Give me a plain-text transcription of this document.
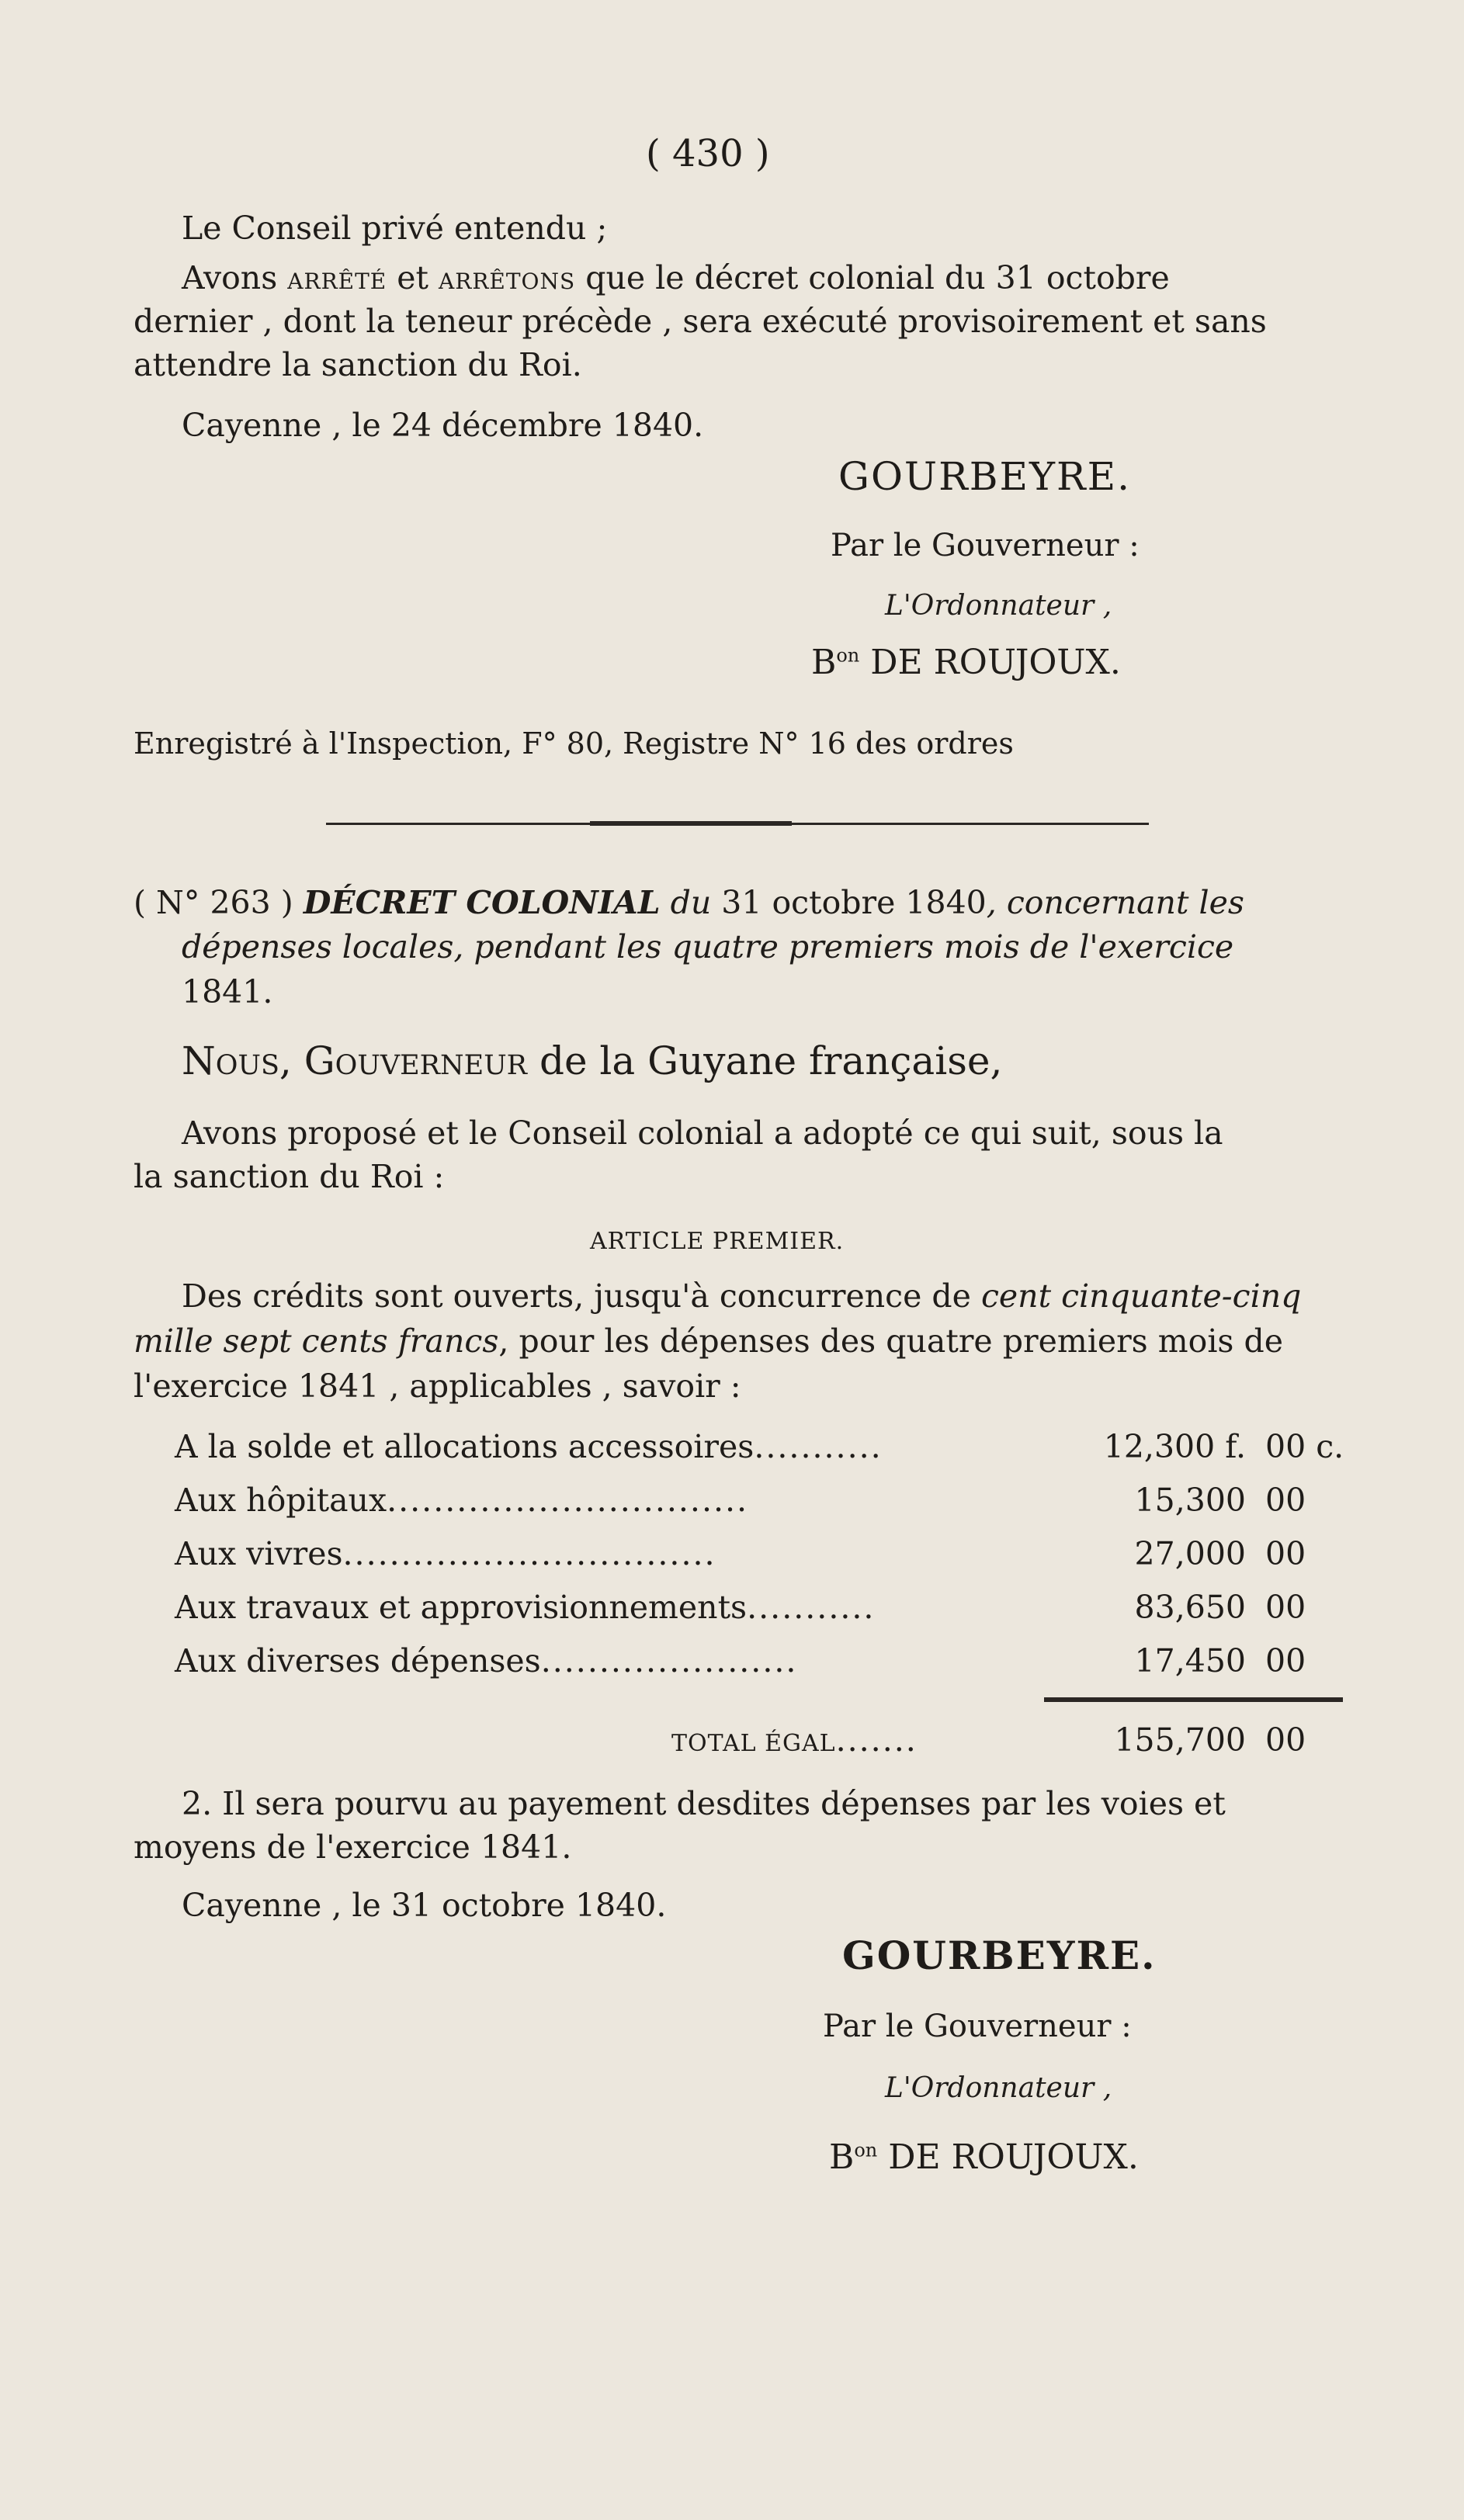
( 430 )
Le Conseil privé entendu ;
Avons ARRÊTÉ et ARRÊTONS que le décret colonial du 31 octobre
dernier , dont la teneur précède , sera exécuté provisoirement et sans
attendre la sanction du Roi.
Cayenne , le 24 décembre 1840.
GOURBEYRE.
Par le Gouverneur :
L'Ordonnateur ,
$B^{on}$ DE ROUJOUX.
Enregistré à l'Inspection, F° 80, Registre N° 16 des ordres
( N° 263 ) DÉCRET COLONIAL du 31 octobre 1840, concernant les
dépenses locales, pendant les quatre premiers mois de l'exercice
1841.
Nous, Gouverneur de la Guyane française,
Avons proposé et le Conseil colonial a adopté ce qui suit, sous la
la sanction du Roi :
ARTICLE PREMIER.
Des crédits sont ouverts, jusqu'à concurrence de cent cinquante-cinq
mille sept cents francs, pour les dépenses des quatre premiers mois de
l'exercice 1841 , applicables , savoir :
A la solde et allocations accessoires...........	12,300 f. 00 c.
Aux hôpitaux...............................	15,300 00
Aux vivres................................	27,000 00
Aux travaux et approvisionnements...........	83,650 00
Aux diverses dépenses......................	17,450 00
TOTAL ÉGAL.......	155,700 00
2. Il sera pourvu au payement desdites dépenses par les voies et
moyens de l'exercice 1841.
Cayenne , le 31 octobre 1840.
GOURBEYRE.
Par le Gouverneur :
L'Ordonnateur ,
$B^{on}$ DE ROUJOUX.
